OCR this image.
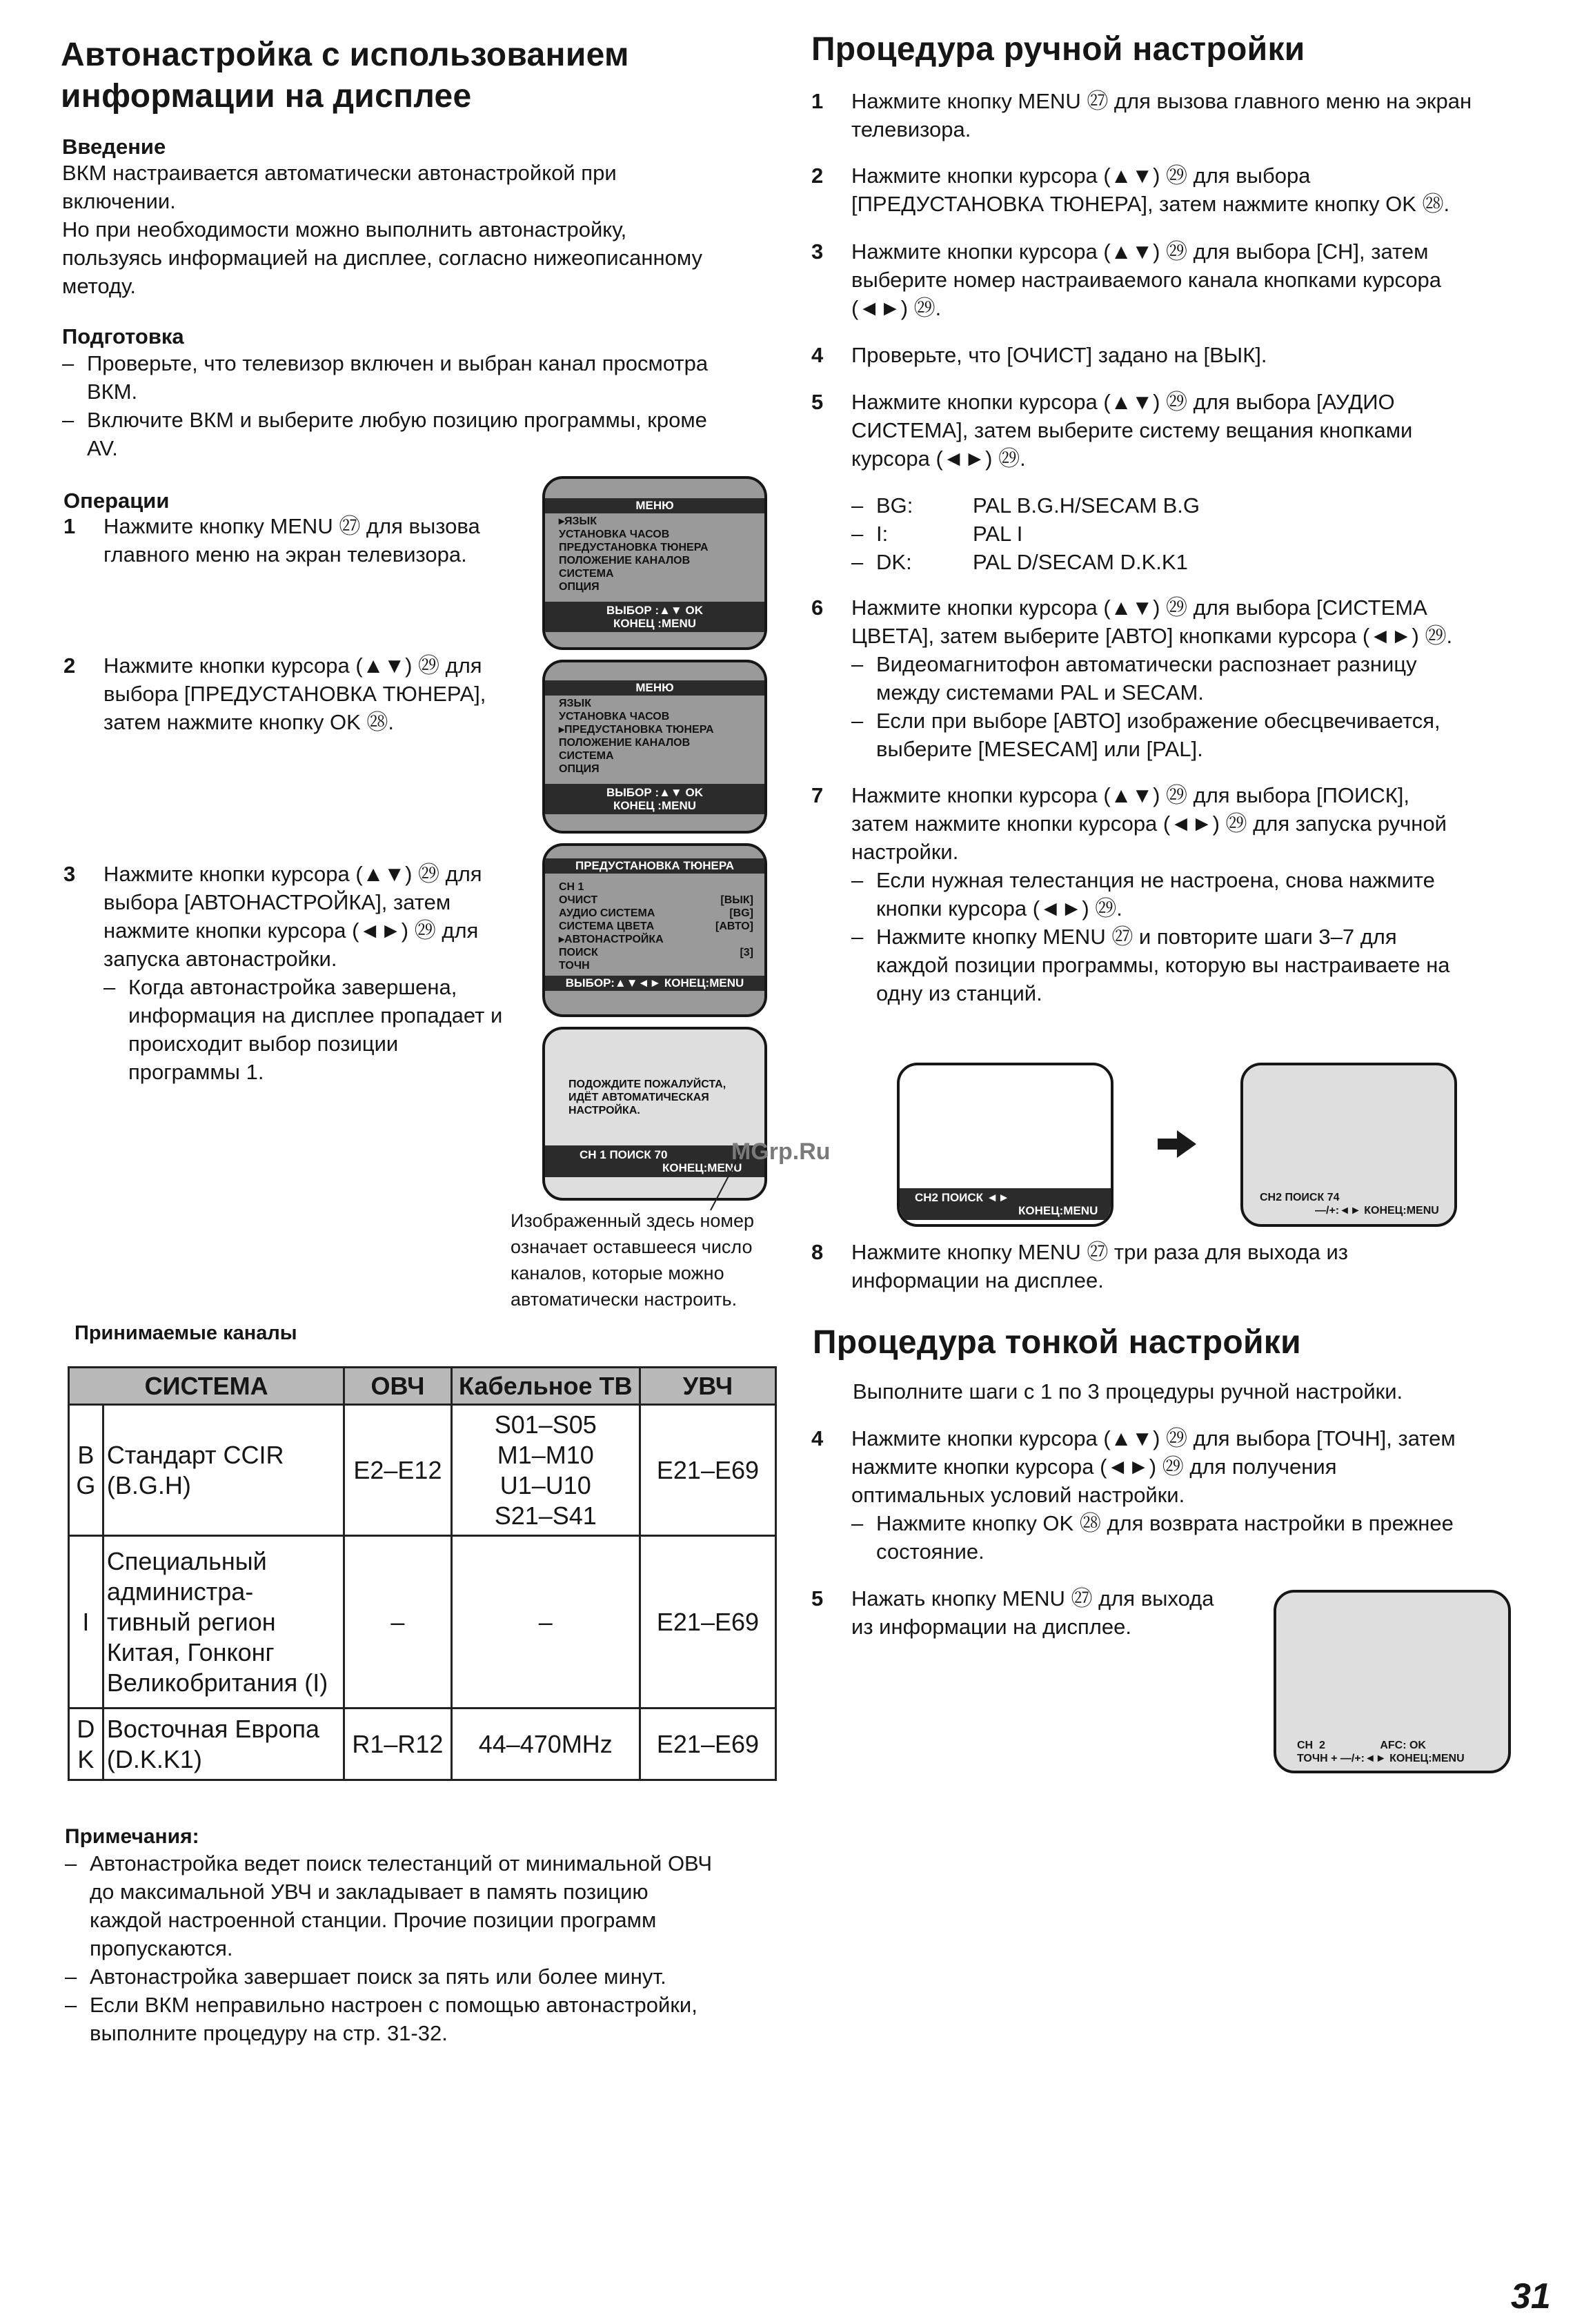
Автонастройка с использованием
информации на дисплее
Введение
ВКМ настраивается автоматически автонастройкой при
включении.
Но при необходимости можно выполнить автонастройку,
пользуясь информацией на дисплее, согласно нижеописанному
методу.
Подготовка
– Проверьте, что телевизор включен и выбран канал просмотра
ВКМ.
– Включите ВКМ и выберите любую позицию программы, кроме
AV.
Операции
1 Нажмите кнопку MENU ㉗ для вызова
главного меню на экран телевизора.
2 Нажмите кнопки курсора (▲▼) ㉙ для
выбора [ПРЕДУСТАНОВКА ТЮНЕРА],
затем нажмите кнопку OK ㉘.
3 Нажмите кнопки курсора (▲▼) ㉙ для
выбора [АВТОНАСТРОЙКА], затем
нажмите кнопки курсора (◄►) ㉙ для
запуска автонастройки.
– Когда автонастройка завершена,
информация на дисплее пропадает и
происходит выбор позиции
программы 1.
МЕНЮ
▸ЯЗЫК
УСТАНОВКА ЧАСОВ
ПРЕДУСТАНОВКА ТЮНЕРА
ПОЛОЖЕНИЕ КАНАЛОВ
СИСТЕМА
ОПЦИЯ
ВЫБОР :▲▼ OK
КОНЕЦ :MENU
МЕНЮ
ЯЗЫК
УСТАНОВКА ЧАСОВ
▸ПРЕДУСТАНОВКА ТЮНЕРА
ПОЛОЖЕНИЕ КАНАЛОВ
СИСТЕМА
ОПЦИЯ
ВЫБОР :▲▼ OK
КОНЕЦ :MENU
ПРЕДУСТАНОВКА ТЮНЕРА
CH 1
ОЧИСТ	[ВЫК]
АУДИО СИСТЕМА	[BG]
СИСТЕМА ЦВЕТА	[АВТО]
▸АВТОНАСТРОЙКА
ПОИСК	[3]
ТОЧН
ВЫБОР:▲▼◄► КОНЕЦ:MENU
ПОДОЖДИТЕ ПОЖАЛУЙСТА,
ИДЁТ АВТОМАТИЧЕСКАЯ
НАСТРОЙКА.
CH 1 ПОИСК 70
КОНЕЦ:MENU
MGrp.Ru
Изображенный здесь номер
означает оставшееся число
каналов, которые можно
автоматически настроить.
Принимаемые каналы
СИСТЕМА		ОВЧ	Кабельное ТВ	УВЧ
B
G	Стандарт CCIR
(B.G.H)	E2–E12	S01–S05
M1–M10
U1–U10
S21–S41	E21–E69
I	Специальный
администра-
тивный регион
Китая, Гонконг
Великобритания (I)	–	–	E21–E69
D
K	Восточная Европа
(D.K.K1)	R1–R12	44–470MHz	E21–E69
Примечания:
– Автонастройка ведет поиск телестанций от минимальной ОВЧ
до максимальной УВЧ и закладывает в память позицию
каждой настроенной станции. Прочие позиции программ
пропускаются.
– Автонастройка завершает поиск за пять или более минут.
– Если ВКМ неправильно настроен с помощью автонастройки,
выполните процедуру на стр. 31-32.
Процедура ручной настройки
1 Нажмите кнопку MENU ㉗ для вызова главного меню на экран
телевизора.
2 Нажмите кнопки курсора (▲▼) ㉙ для выбора
[ПРЕДУСТАНОВКА ТЮНЕРА], затем нажмите кнопку OK ㉘.
3 Нажмите кнопки курсора (▲▼) ㉙ для выбора [CH], затем
выберите номер настраиваемого канала кнопками курсора
(◄►) ㉙.
4 Проверьте, что [ОЧИСТ] задано на [ВЫК].
5 Нажмите кнопки курсора (▲▼) ㉙ для выбора [АУДИО
СИСТЕМА], затем выберите систему вещания кнопками
курсора (◄►) ㉙.
– BG:	PAL B.G.H/SECAM B.G
– I:	PAL I
– DK:	PAL D/SECAM D.K.K1
6 Нажмите кнопки курсора (▲▼) ㉙ для выбора [СИСТЕМА
ЦВЕТА], затем выберите [АВТО] кнопками курсора (◄►) ㉙.
– Видеомагнитофон автоматически распознает разницу
между системами PAL и SECAM.
– Если при выборе [АВТО] изображение обесцвечивается,
выберите [MESECAM] или [PAL].
7 Нажмите кнопки курсора (▲▼) ㉙ для выбора [ПОИСК],
затем нажмите кнопки курсора (◄►) ㉙ для запуска ручной
настройки.
– Если нужная телестанция не настроена, снова нажмите
кнопки курсора (◄►) ㉙.
– Нажмите кнопку MENU ㉗ и повторите шаги 3–7 для
каждой позиции программы, которую вы настраиваете на
одну из станций.
CH2 ПОИСК ◄►
КОНЕЦ:MENU
CH2 ПОИСК 74
—/+:◄► КОНЕЦ:MENU
8 Нажмите кнопку MENU ㉗ три раза для выхода из
информации на дисплее.
Процедура тонкой настройки
Выполните шаги с 1 по 3 процедуры ручной настройки.
4 Нажмите кнопки курсора (▲▼) ㉙ для выбора [ТОЧН], затем
нажмите кнопки курсора (◄►) ㉙ для получения
оптимальных условий настройки.
– Нажмите кнопку OK ㉘ для возврата настройки в прежнее
состояние.
5 Нажать кнопку MENU ㉗ для выхода
из информации на дисплее.
CH  2                  AFC: OK
ТОЧН + —/+:◄► КОНЕЦ:MENU
31
